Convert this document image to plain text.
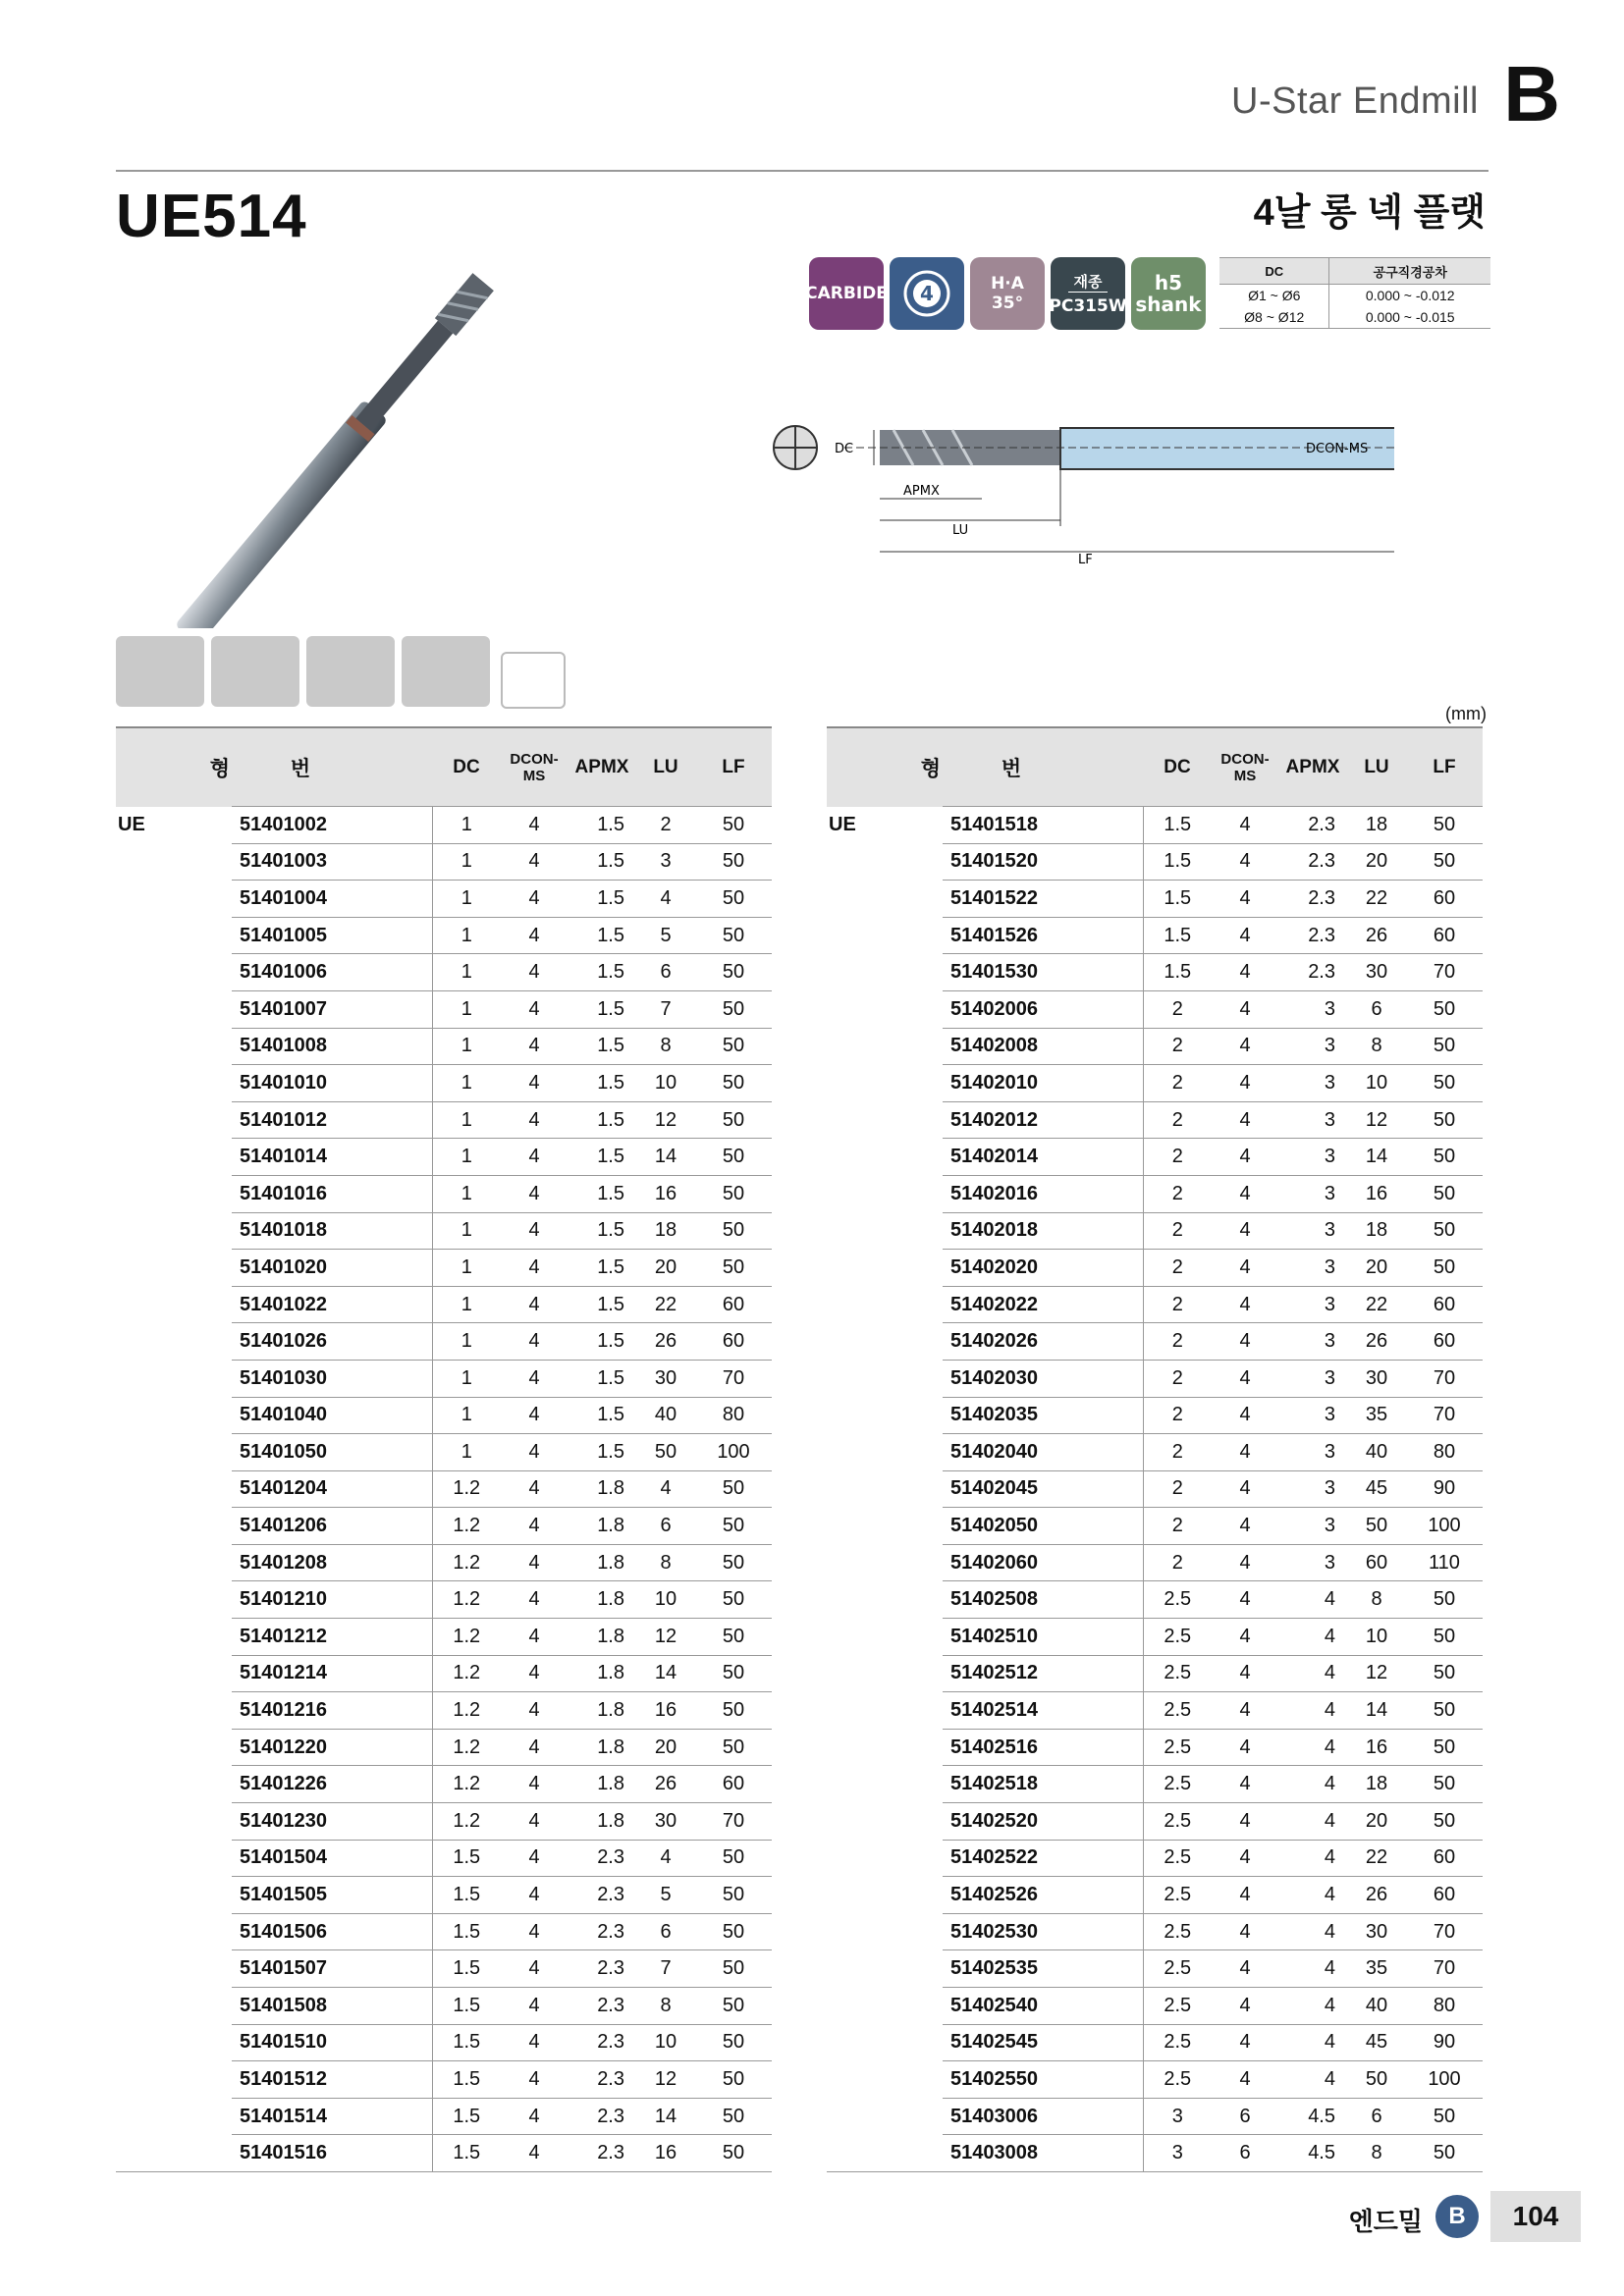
U-Star Endmill B
UE514	4날 롱 넥 플랫
CARBIDE 4	H·A
35°
재종
PC315W
h5
shank
DC	공구직경공차
Ø1 ~ Ø6	0.000 ~ -0.012
Ø8 ~ Ø12	0.000 ~ -0.015
DC	DCON-MS
APMX
LU
LF
(mm)
형 번		DC	DCON-MS	APMX	LU	LF
UE	51401002	1	4	1.5	2	50
	51401003	1	4	1.5	3	50
	51401004	1	4	1.5	4	50
	51401005	1	4	1.5	5	50
	51401006	1	4	1.5	6	50
	51401007	1	4	1.5	7	50
	51401008	1	4	1.5	8	50
	51401010	1	4	1.5	10	50
	51401012	1	4	1.5	12	50
	51401014	1	4	1.5	14	50
	51401016	1	4	1.5	16	50
	51401018	1	4	1.5	18	50
	51401020	1	4	1.5	20	50
	51401022	1	4	1.5	22	60
	51401026	1	4	1.5	26	60
	51401030	1	4	1.5	30	70
	51401040	1	4	1.5	40	80
	51401050	1	4	1.5	50	100
	51401204	1.2	4	1.8	4	50
	51401206	1.2	4	1.8	6	50
	51401208	1.2	4	1.8	8	50
	51401210	1.2	4	1.8	10	50
	51401212	1.2	4	1.8	12	50
	51401214	1.2	4	1.8	14	50
	51401216	1.2	4	1.8	16	50
	51401220	1.2	4	1.8	20	50
	51401226	1.2	4	1.8	26	60
	51401230	1.2	4	1.8	30	70
	51401504	1.5	4	2.3	4	50
	51401505	1.5	4	2.3	5	50
	51401506	1.5	4	2.3	6	50
	51401507	1.5	4	2.3	7	50
	51401508	1.5	4	2.3	8	50
	51401510	1.5	4	2.3	10	50
	51401512	1.5	4	2.3	12	50
	51401514	1.5	4	2.3	14	50
	51401516	1.5	4	2.3	16	50
형 번		DC	DCON-MS	APMX	LU	LF
UE	51401518	1.5	4	2.3	18	50
	51401520	1.5	4	2.3	20	50
	51401522	1.5	4	2.3	22	60
	51401526	1.5	4	2.3	26	60
	51401530	1.5	4	2.3	30	70
	51402006	2	4	3	6	50
	51402008	2	4	3	8	50
	51402010	2	4	3	10	50
	51402012	2	4	3	12	50
	51402014	2	4	3	14	50
	51402016	2	4	3	16	50
	51402018	2	4	3	18	50
	51402020	2	4	3	20	50
	51402022	2	4	3	22	60
	51402026	2	4	3	26	60
	51402030	2	4	3	30	70
	51402035	2	4	3	35	70
	51402040	2	4	3	40	80
	51402045	2	4	3	45	90
	51402050	2	4	3	50	100
	51402060	2	4	3	60	110
	51402508	2.5	4	4	8	50
	51402510	2.5	4	4	10	50
	51402512	2.5	4	4	12	50
	51402514	2.5	4	4	14	50
	51402516	2.5	4	4	16	50
	51402518	2.5	4	4	18	50
	51402520	2.5	4	4	20	50
	51402522	2.5	4	4	22	60
	51402526	2.5	4	4	26	60
	51402530	2.5	4	4	30	70
	51402535	2.5	4	4	35	70
	51402540	2.5	4	4	40	80
	51402545	2.5	4	4	45	90
	51402550	2.5	4	4	50	100
	51403006	3	6	4.5	6	50
	51403008	3	6	4.5	8	50
엔드밀	B	104
